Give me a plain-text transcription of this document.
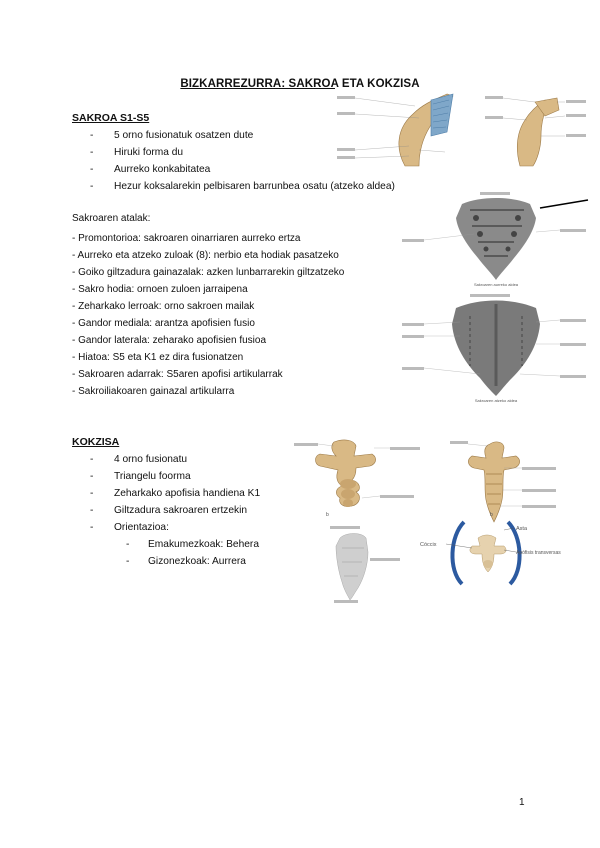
BIZKARREZURRA: SAKROA ETA KOKZISA
SAKROA S1-S5
- 5 orno fusionatuk osatzen dute
- Hiruki forma du
- Aurreko konkabitatea
- Hezur koksalarekin pelbisaren barrunbea osatu (atzeko aldea)
Sakroaren atalak:
- Promontorioa: sakroaren oinarriaren aurreko ertza
- Aurreko eta atzeko zuloak (8): nerbio eta hodiak pasatzeko
- Goiko giltzadura gainazalak: azken lunbarrarekin giltzatzeko
- Sakro hodia: ornoen zuloen jarraipena
- Zeharkako lerroak: orno sakroen mailak
- Gandor mediala: arantza apofisien fusio
- Gandor laterala: zeharako apofisien fusioa
- Hiatoa: S5 eta K1 ez dira fusionatzen
- Sakroaren adarrak: S5aren apofisi artikularrak
- Sakroiliakoaren gainazal artikularra
KOKZISA
- 4 orno fusionatu
- Triangelu foorma
- Zeharkako apofisia handiena K1
- Giltzadura sakroaren ertzekin
- Orientazioa:
- Emakumezkoak: Behera
- Gizonezkoak: Aurrera
Sakroaren aurreko aldea
Sakroaren atzeko aldea
b	b
Cóccix
Asta
Apófisis transversas
1
